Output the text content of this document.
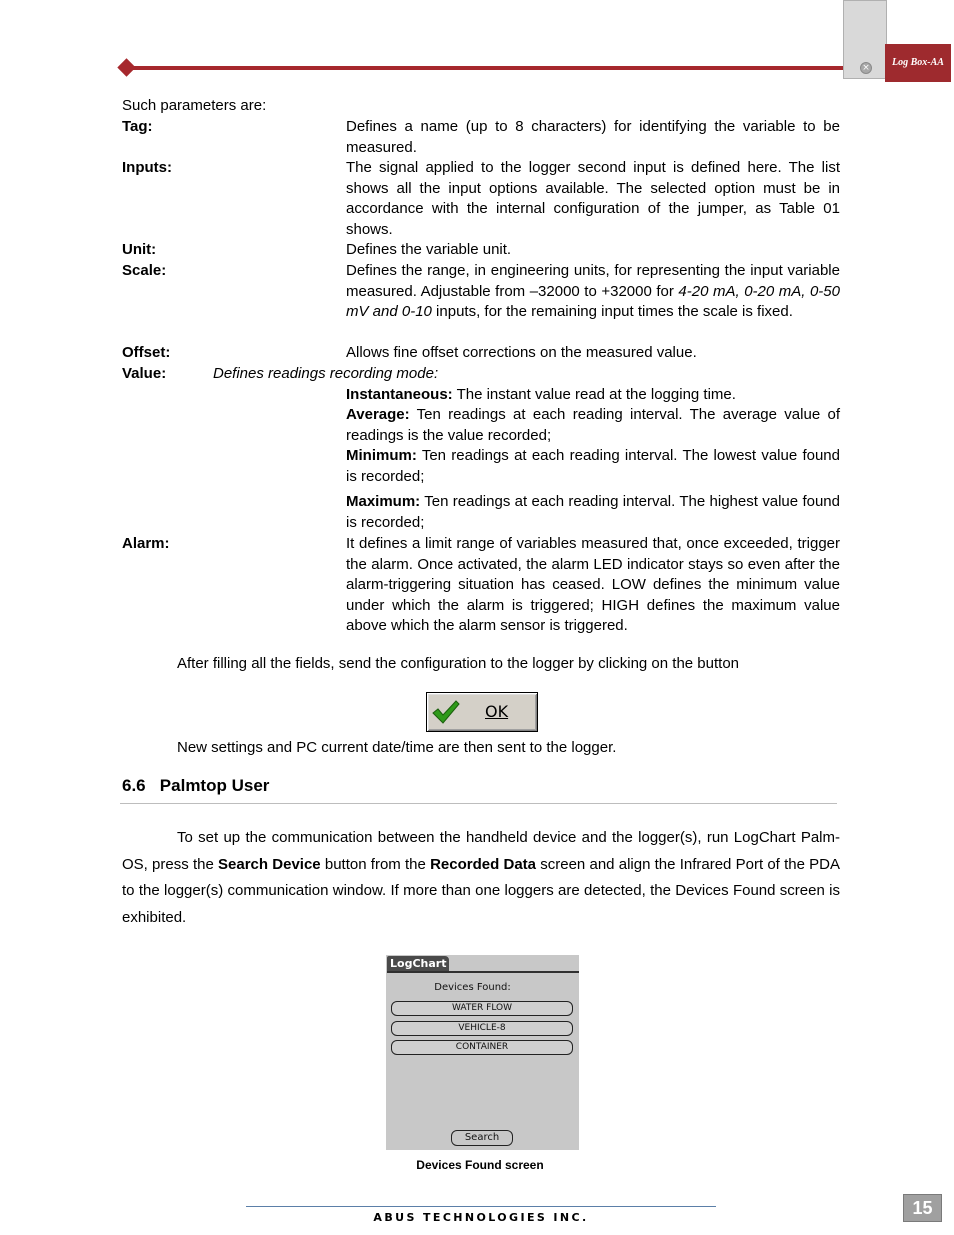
×	Log Box-AA
Such parameters are:
Tag:	Defines a name (up to 8 characters) for identifying the variable to be measured.
Inputs:	The signal applied to the logger second input is defined here. The list shows all the input options available. The selected option must be in accordance with the internal configuration of the jumper, as Table 01 shows.
Unit:	Defines the variable unit.
Scale:	Defines the range, in engineering units, for representing the input variable measured. Adjustable from –32000 to +32000 for 4-20 mA, 0-20 mA, 0-50 mV and 0-10 inputs, for the remaining input times the scale is fixed.
Offset:	Allows fine offset corrections on the measured value.
Value:	Defines readings recording mode:
Instantaneous: The instant value read at the logging time.
Average: Ten readings at each reading interval. The average value of readings is the value recorded;
Minimum: Ten readings at each reading interval. The lowest value found is recorded;
Maximum: Ten readings at each reading interval. The highest value found is recorded;
Alarm:	It defines a limit range of variables measured that, once exceeded, trigger the alarm. Once activated, the alarm LED indicator stays so even after the alarm-triggering situation has ceased. LOW defines the minimum value under which the alarm is triggered; HIGH defines the maximum value above which the alarm sensor is triggered.
After filling all the fields, send the configuration to the logger by clicking on the button
OK
New settings and PC current date/time are then sent to the logger.
6.6   Palmtop User
To set up the communication between the handheld device and the logger(s), run LogChart Palm-OS, press the Search Device button from the Recorded Data screen and align the Infrared Port of the PDA to the logger(s) communication window. If more than one loggers are detected, the Devices Found screen is exhibited.
LogChart
Devices Found:
WATER FLOW
VEHICLE-8
CONTAINER
Search
Devices Found screen
ABUS TECHNOLOGIES INC.	15
